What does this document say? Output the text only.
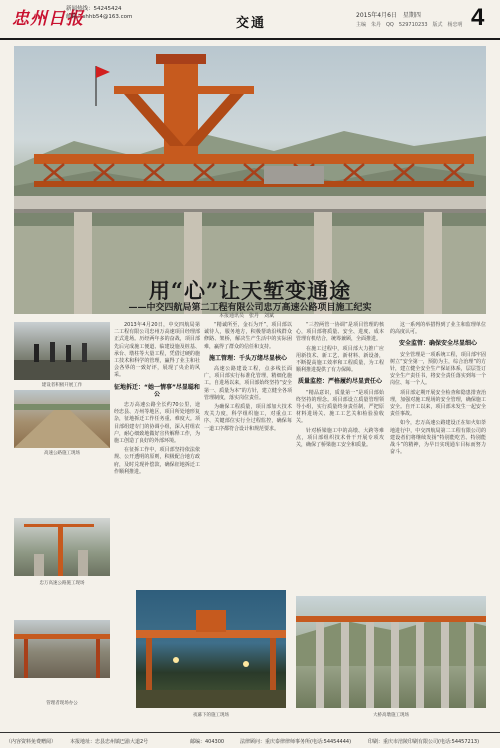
忠州日报
新闻热线：54245424
邮箱：shhb54@163.com	交通
2015年4月6日　星期四
主编　朱丹　QQ　529710233　版式　杨忠明 4
用“心”让天堑变通途
——中交四航局第二工程有限公司忠万高速公路项目施工纪实
本报通讯员　张丹　刘斌
建设者积极开展工作
高速公路施工现场
忠万高速公路施工现场
管理者现场办公

2013年4月20日，中交四航局第二工程有限公司忠州万高速项目经理部正式进场。历经两年多的奋战，项目部先后完成施工便道、临建设施及桩基、承台、墩柱等大量工程，凭借过硬的施工技术和科学的管理，赢得了业主和社会各界的一致好评，展现了央企的风采。

征地拆迁：“她一情事”尽显聪和公

忠万高速公路全长约70公里，途经忠县、万州等地区，项目所处地形复杂，征地拆迁工作任务重、难度大。项目部组建专门的协调小组，深入村组农户，耐心细致地做好宣传解释工作，为施工创造了良好的外部环境。

在征拆工作中，项目部坚持依法依规、公开透明的原则，积极配合地方政府，及时兑现补偿款，确保征地拆迁工作顺利推进。

“精诚所至，金石为开”，项目部以诚待人，服务地方，积极帮助沿线群众修路、架桥，解决生产生活中的实际困难，赢得了群众的信任和支持。

施工管理：千头万绪尽显核心

高速公路建设工程，点多线长面广，项目部实行标准化管理，精细化施工。自进场以来，项目部始终坚持“安全第一、质量为本”的方针，建立健全各项管理制度，落实岗位责任。

为确保工程质量，项目部加大技术攻关力度，科学组织施工，对重点工序、关键部位实行全过程监控，确保每一道工序都符合设计和规范要求。

“三控两管一协调”是项目管理的核心，项目部将质量、安全、进度、成本管理有机结合，统筹兼顾，全面推进。

在施工过程中，项目部大力推广应用新技术、新工艺、新材料、新设备，不断提高施工效率和工程质量，为工程顺利推进提供了有力保障。

质量监控：严格履约尽显责任心

“精品意识，质量第一”是项目部始终坚持的理念。项目部设立质量管理领导小组，实行质量终身责任制，严把原材料进场关、施工工艺关和检验验收关。

针对桥梁施工中的高墩、大跨等难点，项目部组织技术骨干开展专项攻关，确保了桥梁施工安全和质量。

这一系列的举措得到了业主和监理单位的高度认可。

安全监管：确保安全尽显细心

安全管理是一项系统工程，项目部牢固树立“安全第一，预防为主，综合治理”的方针，建立健全安全生产保证体系，层层签订安全生产责任书，将安全责任落实到每一个岗位、每一个人。

项目部定期开展安全检查和隐患排查治理，加强对施工现场的安全管理，确保施工安全。自开工以来，项目部未发生一起安全责任事故。

如今，忠万高速公路建设正在如火如荼地进行中，中交四航局第二工程有限公司的建设者们将继续发扬“特别能吃苦、特别能战斗”的精神，为早日实现通车目标而努力奋斗。

夜幕下的施工现场	大桥高墩施工现场
（内容资料免费赠阅）	本报地址：忠县忠州镇巴渝大道2号	邮编：404300	法律顾问：重庆泰律律师事务所(电话:54454444)	印刷：重庆市涪陵印刷有限公司(电话:54457213)
